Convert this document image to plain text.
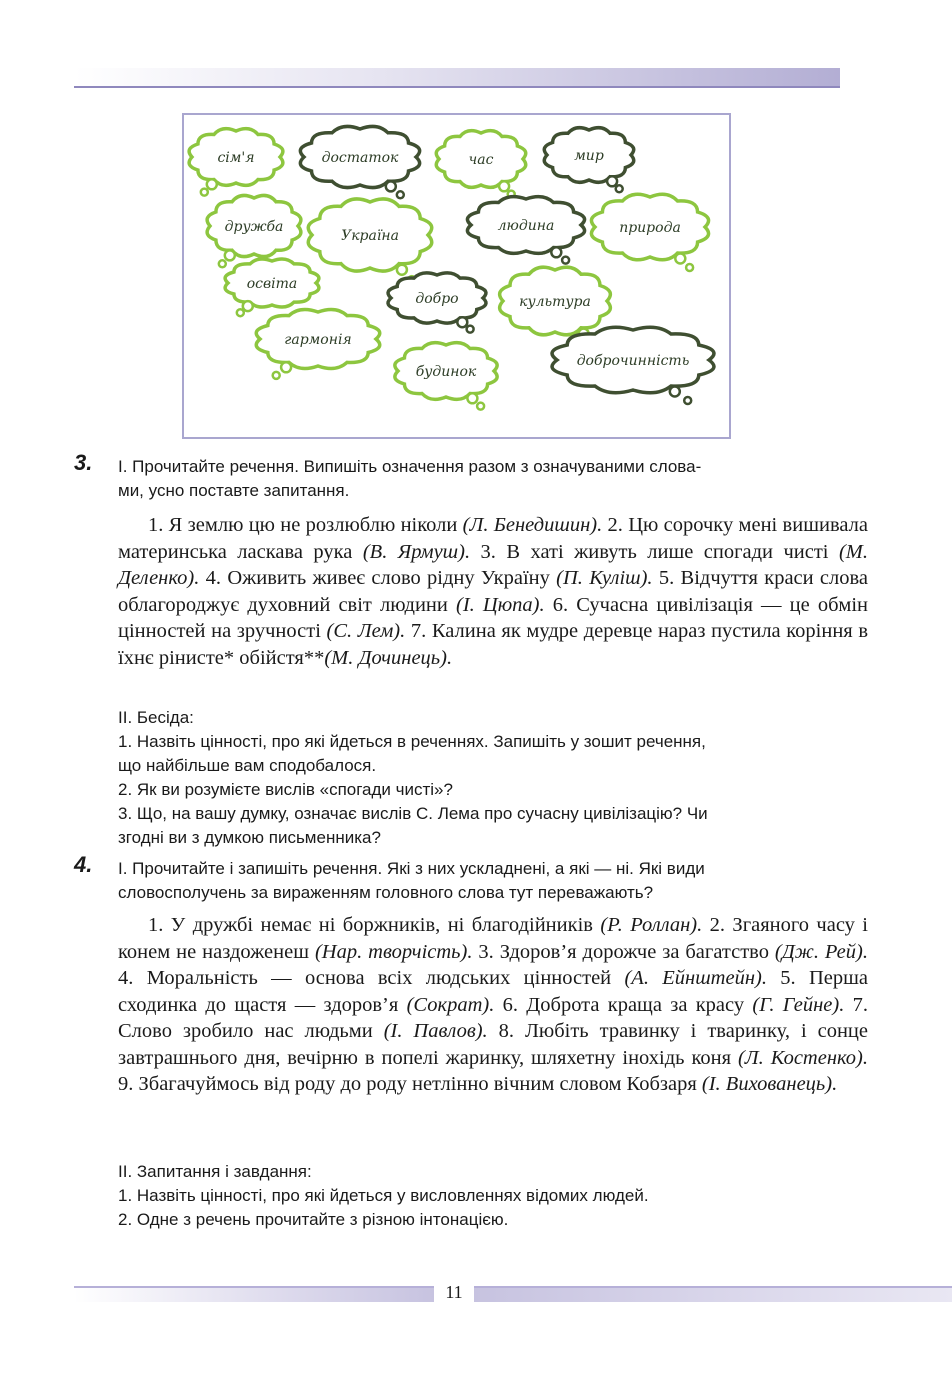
сім'я	достаток	час	мир
дружба
Україна
людина	природа
освіта
добро	культура
гармонія
будинок
доброчинність
3. І. Прочитайте речення. Випишіть означення разом з означуваними слова-
ми, усно поставте запитання.

1. Я землю цю не розлюблю ніколи (Л. Бенедишин). 2. Цю сорочку мені вишивала материнська ласкава рука (В. Ярмуш). 3. В хаті живуть лише спогади чисті (М. Деленко). 4. Оживить живеє слово рідну Україну (П. Куліш). 5. Відчуття краси слова облагороджує духовний світ людини (І. Цюпа). 6. Сучасна цивілізація — це обмін цінностей на зручності (С. Лем). 7. Калина як мудре деревце нараз пустила коріння в їхнє рінисте* обійстя**(М. Дочинець).

ІІ. Бесіда:
1. Назвіть цінності, про які йдеться в реченнях. Запишіть у зошит речення,
що найбільше вам сподобалося.
2. Як ви розумієте вислів «спогади чисті»?
3. Що, на вашу думку, означає вислів С. Лема про сучасну цивілізацію? Чи
згодні ви з думкою письменника?
4. І. Прочитайте і запишіть речення. Які з них ускладнені, а які — ні. Які види
словосполучень за вираженням головного слова тут переважають?

1. У дружбі немає ні боржників, ні благодійників (Р. Роллан). 2. Згаяного часу і конем не наздоженеш (Нар. творчість). 3. Здоров’я дорожче за багатство (Дж. Рей). 4. Моральність — основа всіх людських цінностей (А. Ейнштейн). 5. Перша сходинка до щастя — здоров’я (Сократ). 6. Доброта краща за красу (Г. Гейне). 7. Слово зробило нас людьми (І. Павлов). 8. Любіть травинку і тваринку, і сонце завтрашнього дня, вечірню в попелі жаринку, шляхетну інохідь коня (Л. Костенко). 9. Збагачуймось від роду до роду нетлінно вічним словом Кобзаря (І. Вихованець).

ІІ. Запитання і завдання:
1. Назвіть цінності, про які йдеться у висловленнях відомих людей.
2. Одне з речень прочитайте з різною інтонацією.
11
